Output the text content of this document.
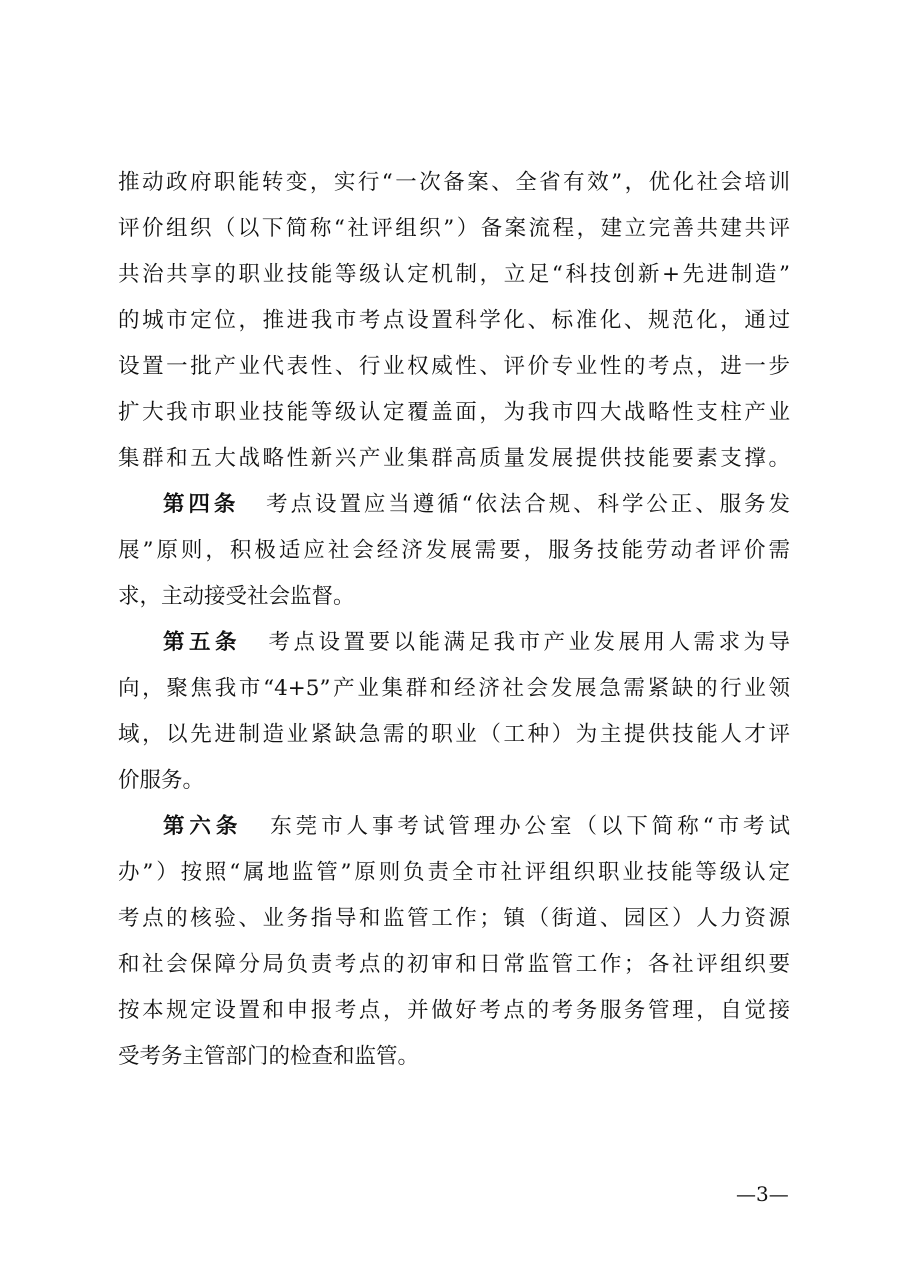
推动政府职能转变，实行“一次备案、全省有效”，优化社会培训
评价组织（以下简称“社评组织”）备案流程，建立完善共建共评
共治共享的职业技能等级认定机制，立足“科技创新+先进制造”
的城市定位，推进我市考点设置科学化、标准化、规范化，通过
设置一批产业代表性、行业权威性、评价专业性的考点，进一步
扩大我市职业技能等级认定覆盖面，为我市四大战略性支柱产业
集群和五大战略性新兴产业集群高质量发展提供技能要素支撑。
第四条 考点设置应当遵循“依法合规、科学公正、服务发
展”原则，积极适应社会经济发展需要，服务技能劳动者评价需
求，主动接受社会监督。
第五条 考点设置要以能满足我市产业发展用人需求为导
向，聚焦我市“4+5”产业集群和经济社会发展急需紧缺的行业领
域，以先进制造业紧缺急需的职业（工种）为主提供技能人才评
价服务。
第六条 东莞市人事考试管理办公室（以下简称“市考试
办”）按照“属地监管”原则负责全市社评组织职业技能等级认定
考点的核验、业务指导和监管工作；镇（街道、园区）人力资源
和社会保障分局负责考点的初审和日常监管工作；各社评组织要
按本规定设置和申报考点，并做好考点的考务服务管理，自觉接
受考务主管部门的检查和监管。
—3—
